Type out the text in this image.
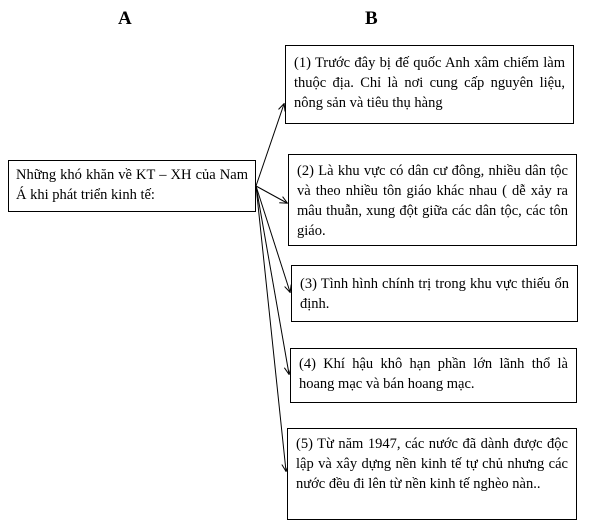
A	B
Những khó khăn về KT – XH của Nam Á khi phát triển kinh tế:
(1) Trước đây bị đế quốc Anh xâm chiếm làm thuộc địa. Chỉ là nơi cung cấp nguyên liệu, nông sản và tiêu thụ hàng
(2) Là khu vực có dân cư đông, nhiều dân tộc và theo nhiều tôn giáo khác nhau ( dễ xảy ra mâu thuẫn, xung đột giữa các dân tộc, các tôn giáo.
(3) Tình hình chính trị trong khu vực thiếu ổn định.
(4) Khí hậu khô hạn phần lớn lãnh thổ là hoang mạc và bán hoang mạc.
(5) Từ năm 1947, các nước đã dành được độc lập và xây dựng nền kinh tế tự chủ nhưng các nước đều đi lên từ nền kinh tế nghèo nàn..
